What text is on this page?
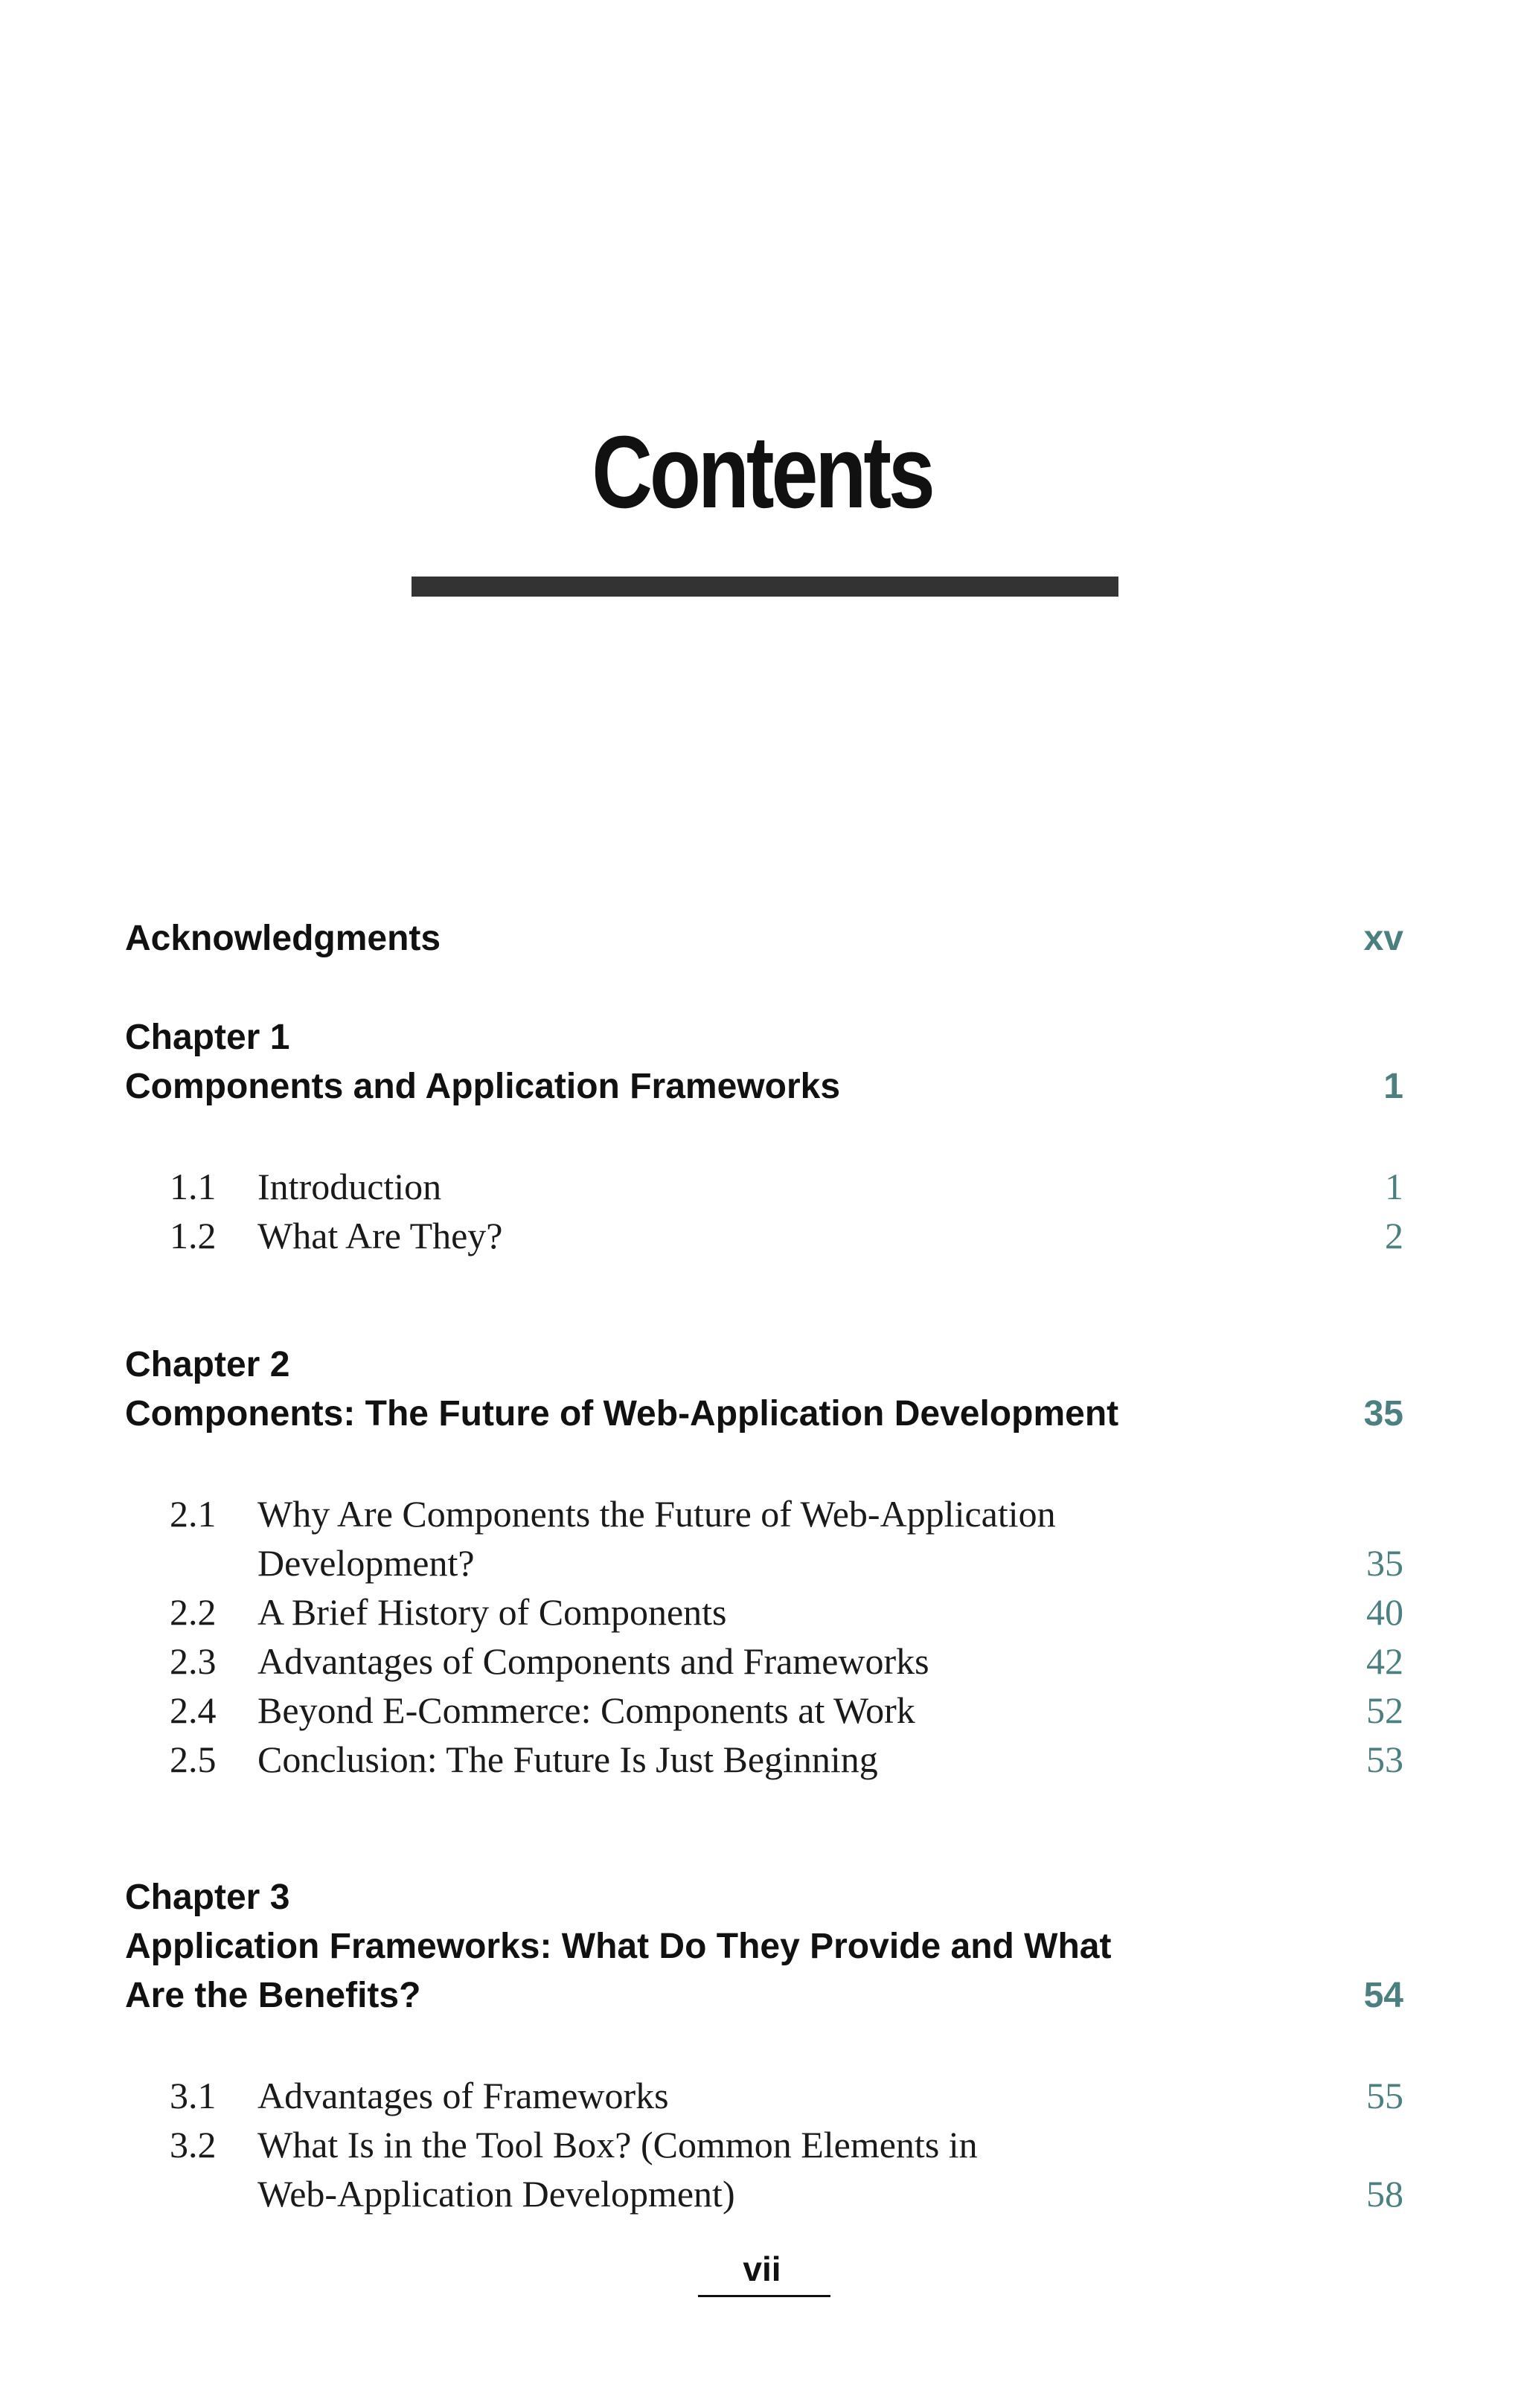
Contents
Acknowledgments	xv
Chapter 1
Components and Application Frameworks	1
1.1 Introduction	1
1.2 What Are They?	2
Chapter 2
Components: The Future of Web-Application Development	35
2.1 Why Are Components the Future of Web-Application
Development?	35
2.2 A Brief History of Components	40
2.3 Advantages of Components and Frameworks	42
2.4 Beyond E-Commerce: Components at Work	52
2.5 Conclusion: The Future Is Just Beginning	53
Chapter 3
Application Frameworks: What Do They Provide and What
Are the Benefits?	54
3.1 Advantages of Frameworks	55
3.2 What Is in the Tool Box? (Common Elements in
Web-Application Development)	58
vii
